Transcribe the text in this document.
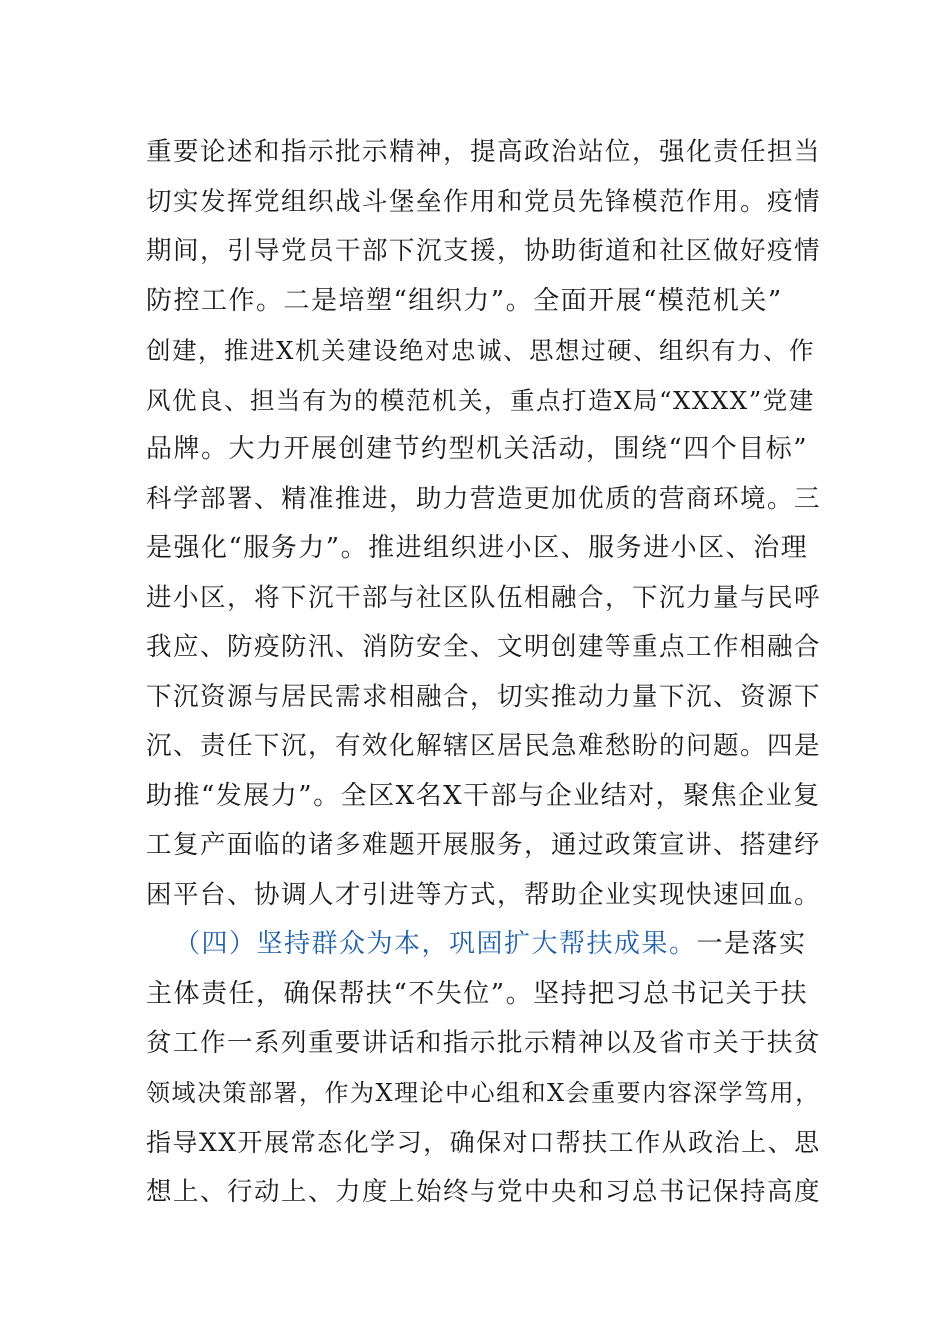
重要论述和指示批示精神，提高政治站位，强化责任担当
切实发挥党组织战斗堡垒作用和党员先锋模范作用。疫情
期间，引导党员干部下沉支援，协助街道和社区做好疫情
防控工作。二是培塑“组织力”。全面开展“模范机关”
创建，推进X机关建设绝对忠诚、思想过硬、组织有力、作
风优良、担当有为的模范机关，重点打造X局“XXXX”党建
品牌。大力开展创建节约型机关活动，围绕“四个目标”
科学部署、精准推进，助力营造更加优质的营商环境。三
是强化“服务力”。推进组织进小区、服务进小区、治理
进小区，将下沉干部与社区队伍相融合，下沉力量与民呼
我应、防疫防汛、消防安全、文明创建等重点工作相融合
下沉资源与居民需求相融合，切实推动力量下沉、资源下
沉、责任下沉，有效化解辖区居民急难愁盼的问题。四是
助推“发展力”。全区X名X干部与企业结对，聚焦企业复
工复产面临的诸多难题开展服务，通过政策宣讲、搭建纾
困平台、协调人才引进等方式，帮助企业实现快速回血。
（四）坚持群众为本，巩固扩大帮扶成果。一是落实
主体责任，确保帮扶“不失位”。坚持把习总书记关于扶
贫工作一系列重要讲话和指示批示精神以及省市关于扶贫
领域决策部署，作为X理论中心组和X会重要内容深学笃用，
指导XX开展常态化学习，确保对口帮扶工作从政治上、思
想上、行动上、力度上始终与党中央和习总书记保持高度
